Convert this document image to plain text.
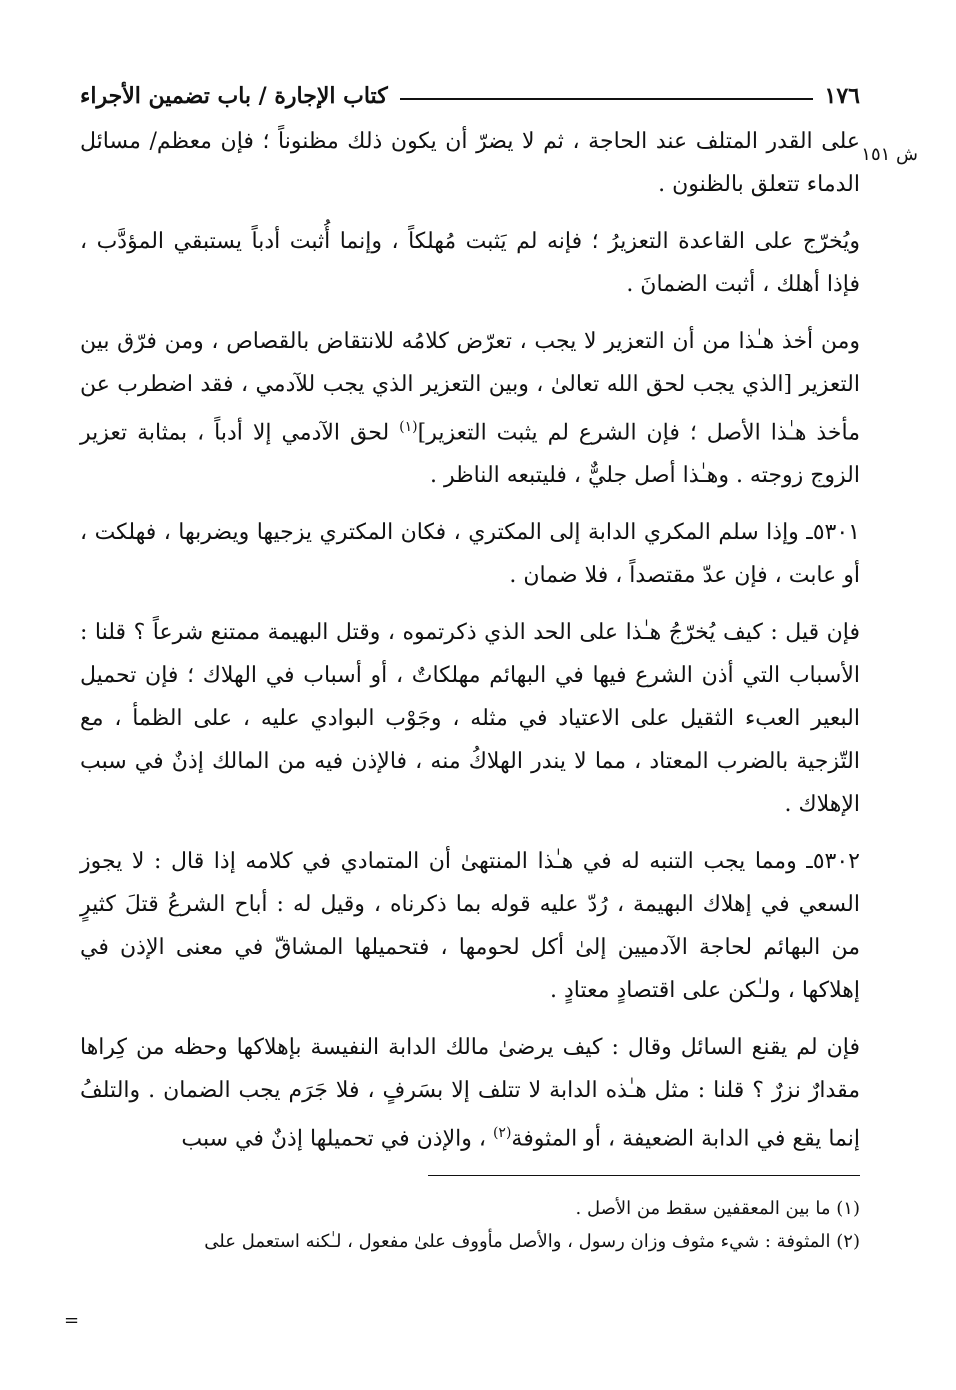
١٧٦
كتاب الإجارة / باب تضمين الأجراء
ش ١٥١

على القدر المتلف عند الحاجة ، ثم لا يضرّ أن يكون ذلك مظنوناً ؛ فإن معظم/ مسائل الدماء تتعلق بالظنون .

ويُخرّج على القاعدة التعزيرُ ؛ فإنه لم يَثبت مُهلكاً ، وإنما أُثبت أدباً يستبقي المؤدَّب ، فإذا أهلك ، أثبت الضمانَ .

ومن أخذ هـٰذا من أن التعزير لا يجب ، تعرّض كلامُه للانتقاض بالقصاص ، ومن فرّق بين التعزير [الذي يجب لحق الله تعالىٰ ، وبين التعزير الذي يجب للآدمي ، فقد اضطرب عن مأخذ هـٰذا الأصل ؛ فإن الشرع لم يثبت التعزير]$^{(١)}$ لحق الآدمي إلا أدباً ، بمثابة تعزير الزوج زوجته . وهـٰذا أصل جليٌّ ، فليتبعه الناظر .

٥٣٠١ـ وإذا سلم المكري الدابة إلى المكتري ، فكان المكتري يزجيها ويضربها ، فهلكت ، أو عابت ، فإن عدّ مقتصداً ، فلا ضمان .

فإن قيل : كيف يُخرّجُ هـٰذا على الحد الذي ذكرتموه ، وقتل البهيمة ممتنع شرعاً ؟ قلنا : الأسباب التي أذن الشرع فيها في البهائم مهلكاتٌ ، أو أسباب في الهلاك ؛ فإن تحميل البعير العبء الثقيل على الاعتياد في مثله ، وجَوْب البوادي عليه ، على الظمأ ، مع التّزجية بالضرب المعتاد ، مما لا يندر الهلاكُ منه ، فالإذن فيه من المالك إذنٌ في سبب الإهلاك .

٥٣٠٢ـ ومما يجب التنبه له في هـٰذا المنتهىٰ أن المتمادي في كلامه إذا قال : لا يجوز السعي في إهلاك البهيمة ، رُدّ عليه قوله بما ذكرناه ، وقيل له : أباح الشرعُ قتلَ كثيرٍ من البهائم لحاجة الآدميين إلىٰ أكل لحومها ، فتحميلها المشاقّ في معنى الإذن في إهلاكها ، ولـٰكن على اقتصادٍ معتادٍ .

فإن لم يقنع السائل وقال : كيف يرضىٰ مالك الدابة النفيسة بإهلاكها وحظه من كِراها مقدارٌ نزرٌ ؟ قلنا : مثل هـٰذه الدابة لا تتلف إلا بسَرفٍ ، فلا جَرَم يجب الضمان . والتلفُ إنما يقع في الدابة الضعيفة ، أو المثوفة$^{(٢)}$ ، والإذن في تحميلها إذنٌ في سبب

(١) ما بين المعقفين سقط من الأصل .

(٢) المثوفة : شيء مثوف وزان رسول ، والأصل مأووف علىٰ مفعول ، لـٰكنه استعمل على

=
